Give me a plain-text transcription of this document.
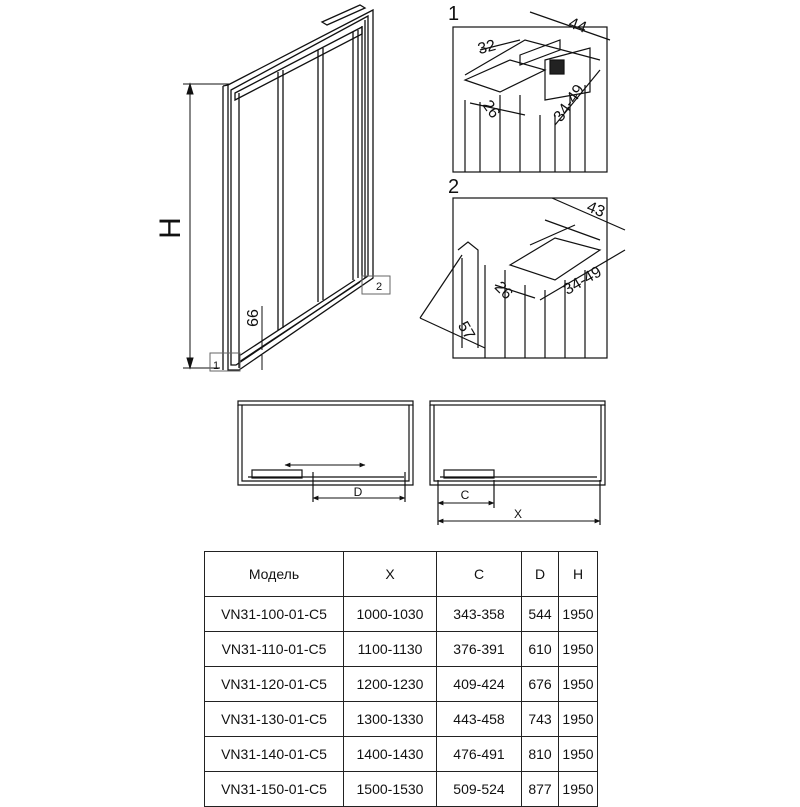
H
66
1
2
1
44
32
26	34-49
2
43
26	34-49
57
D	C
X
Модель	X	C	D	H
VN31-100-01-C5	1000-1030	343-358	544	1950
VN31-110-01-C5	1100-1130	376-391	610	1950
VN31-120-01-C5	1200-1230	409-424	676	1950
VN31-130-01-C5	1300-1330	443-458	743	1950
VN31-140-01-C5	1400-1430	476-491	810	1950
VN31-150-01-C5	1500-1530	509-524	877	1950
